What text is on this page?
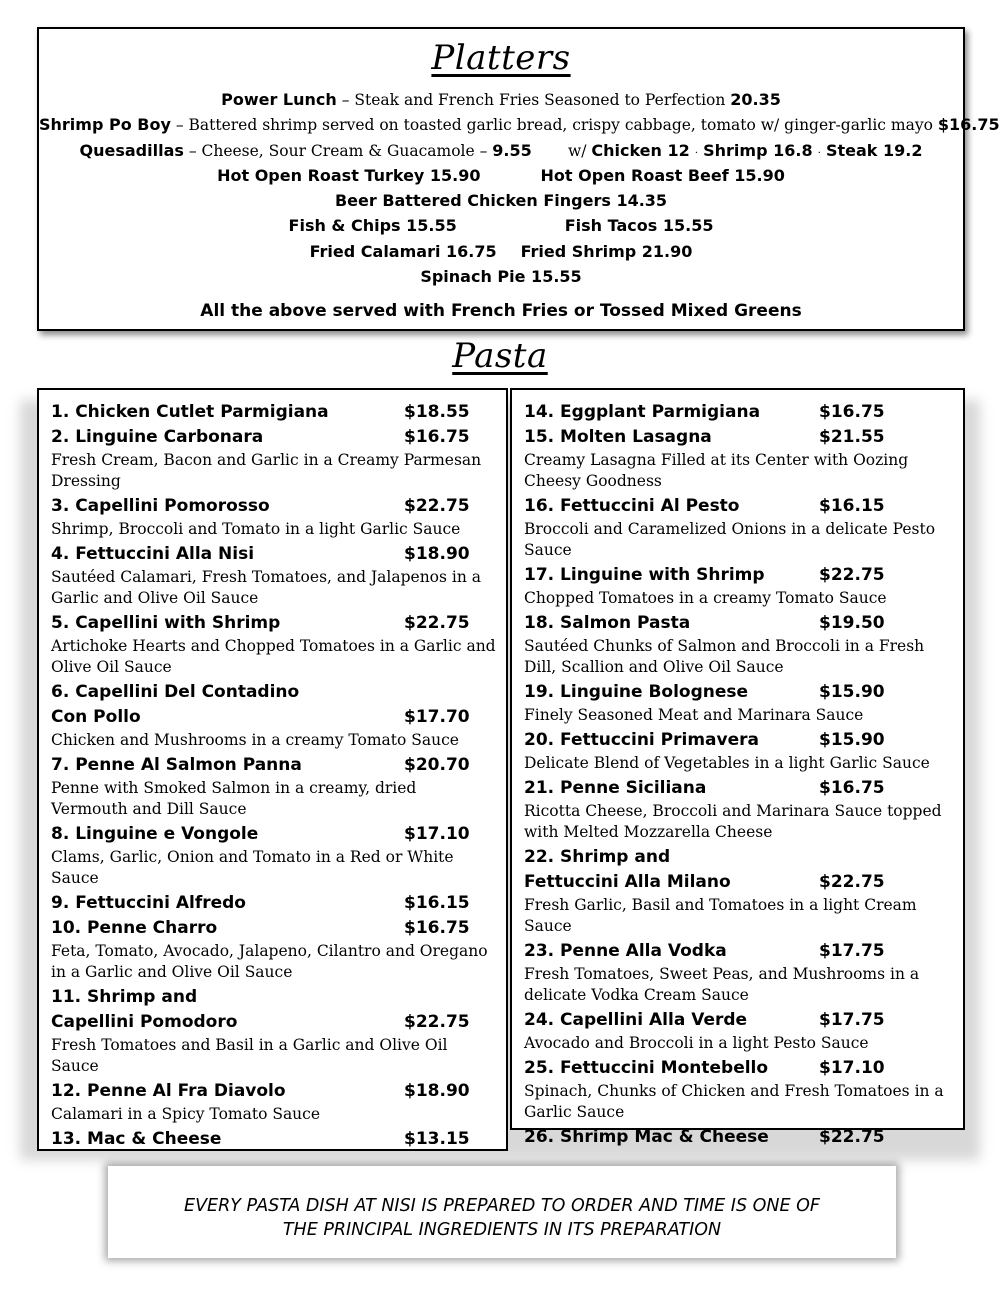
Platters
Power Lunch – Steak and French Fries Seasoned to Perfection 20.35
Shrimp Po Boy – Battered shrimp served on toasted garlic bread, crispy cabbage, tomato w/ ginger-garlic mayo $16.75
Quesadillas – Cheese, Sour Cream & Guacamole – 9.55 w/ Chicken 12 · Shrimp 16.8 · Steak 19.2
Hot Open Roast Turkey 15.90	Hot Open Roast Beef 15.90
Beer Battered Chicken Fingers 14.35
Fish & Chips 15.55	Fish Tacos 15.55
Fried Calamari 16.75 Fried Shrimp 21.90
Spinach Pie 15.55
All the above served with French Fries or Tossed Mixed Greens
Pasta
1. Chicken Cutlet Parmigiana	$18.55
2. Linguine Carbonara	$16.75
Fresh Cream, Bacon and Garlic in a Creamy Parmesan Dressing
3. Capellini Pomorosso	$22.75
Shrimp, Broccoli and Tomato in a light Garlic Sauce
4. Fettuccini Alla Nisi	$18.90
Sautéed Calamari, Fresh Tomatoes, and Jalapenos in a Garlic and Olive Oil Sauce
5. Capellini with Shrimp	$22.75
Artichoke Hearts and Chopped Tomatoes in a Garlic and Olive Oil Sauce
6. Capellini Del Contadino
Con Pollo	$17.70
Chicken and Mushrooms in a creamy Tomato Sauce
7. Penne Al Salmon Panna	$20.70
Penne with Smoked Salmon in a creamy, dried Vermouth and Dill Sauce
8. Linguine e Vongole	$17.10
Clams, Garlic, Onion and Tomato in a Red or White Sauce
9. Fettuccini Alfredo	$16.15
10. Penne Charro	$16.75
Feta, Tomato, Avocado, Jalapeno, Cilantro and Oregano in a Garlic and Olive Oil Sauce
11. Shrimp and
Capellini Pomodoro	$22.75
Fresh Tomatoes and Basil in a Garlic and Olive Oil Sauce
12. Penne Al Fra Diavolo	$18.90
Calamari in a Spicy Tomato Sauce
13. Mac & Cheese	$13.15
14. Eggplant Parmigiana	$16.75
15. Molten Lasagna	$21.55
Creamy Lasagna Filled at its Center with Oozing Cheesy Goodness
16. Fettuccini Al Pesto	$16.15
Broccoli and Caramelized Onions in a delicate Pesto Sauce
17. Linguine with Shrimp	$22.75
Chopped Tomatoes in a creamy Tomato Sauce
18. Salmon Pasta	$19.50
Sautéed Chunks of Salmon and Broccoli in a Fresh Dill, Scallion and Olive Oil Sauce
19. Linguine Bolognese	$15.90
Finely Seasoned Meat and Marinara Sauce
20. Fettuccini Primavera	$15.90
Delicate Blend of Vegetables in a light Garlic Sauce
21. Penne Siciliana	$16.75
Ricotta Cheese, Broccoli and Marinara Sauce topped with Melted Mozzarella Cheese
22. Shrimp and
Fettuccini Alla Milano	$22.75
Fresh Garlic, Basil and Tomatoes in a light Cream Sauce
23. Penne Alla Vodka	$17.75
Fresh Tomatoes, Sweet Peas, and Mushrooms in a delicate Vodka Cream Sauce
24. Capellini Alla Verde	$17.75
Avocado and Broccoli in a light Pesto Sauce
25. Fettuccini Montebello	$17.10
Spinach, Chunks of Chicken and Fresh Tomatoes in a Garlic Sauce
26. Shrimp Mac & Cheese	$22.75
EVERY PASTA DISH AT NISI IS PREPARED TO ORDER AND TIME IS ONE OF
THE PRINCIPAL INGREDIENTS IN ITS PREPARATION
